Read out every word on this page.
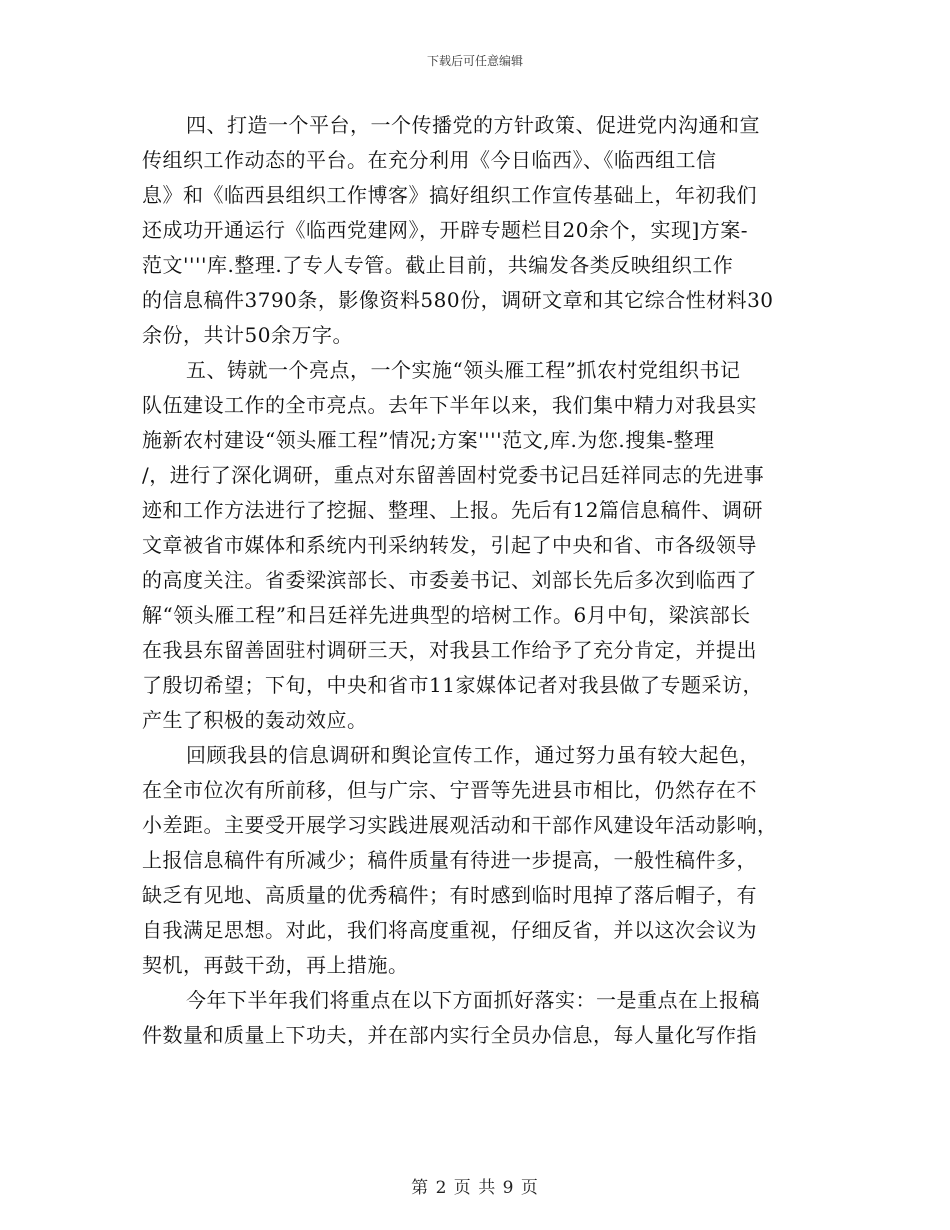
下载后可任意编辑

四、打造一个平台，一个传播党的方针政策、促进党内沟通和宣
传组织工作动态的平台。在充分利用《今日临西》、《临西组工信
息》和《临西县组织工作博客》搞好组织工作宣传基础上，年初我们
还成功开通运行《临西党建网》，开辟专题栏目20余个，实现]方案-
范文''''库.整理.了专人专管。截止目前，共编发各类反映组织工作
的信息稿件3790条，影像资料580份，调研文章和其它综合性材料30
余份，共计50余万字。

五、铸就一个亮点，一个实施“领头雁工程”抓农村党组织书记
队伍建设工作的全市亮点。去年下半年以来，我们集中精力对我县实
施新农村建设“领头雁工程”情况;方案''''范文,库.为您.搜集-整理
/，进行了深化调研，重点对东留善固村党委书记吕廷祥同志的先进事
迹和工作方法进行了挖掘、整理、上报。先后有12篇信息稿件、调研
文章被省市媒体和系统内刊采纳转发，引起了中央和省、市各级领导
的高度关注。省委梁滨部长、市委姜书记、刘部长先后多次到临西了
解“领头雁工程”和吕廷祥先进典型的培树工作。6月中旬，梁滨部长
在我县东留善固驻村调研三天，对我县工作给予了充分肯定，并提出
了殷切希望；下旬，中央和省市11家媒体记者对我县做了专题采访，
产生了积极的轰动效应。

回顾我县的信息调研和舆论宣传工作，通过努力虽有较大起色，
在全市位次有所前移，但与广宗、宁晋等先进县市相比，仍然存在不
小差距。主要受开展学习实践进展观活动和干部作风建设年活动影响，
上报信息稿件有所减少；稿件质量有待进一步提高，一般性稿件多，
缺乏有见地、高质量的优秀稿件；有时感到临时甩掉了落后帽子，有
自我满足思想。对此，我们将高度重视，仔细反省，并以这次会议为
契机，再鼓干劲，再上措施。

今年下半年我们将重点在以下方面抓好落实：一是重点在上报稿
件数量和质量上下功夫，并在部内实行全员办信息，每人量化写作指

第 2 页 共 9 页
